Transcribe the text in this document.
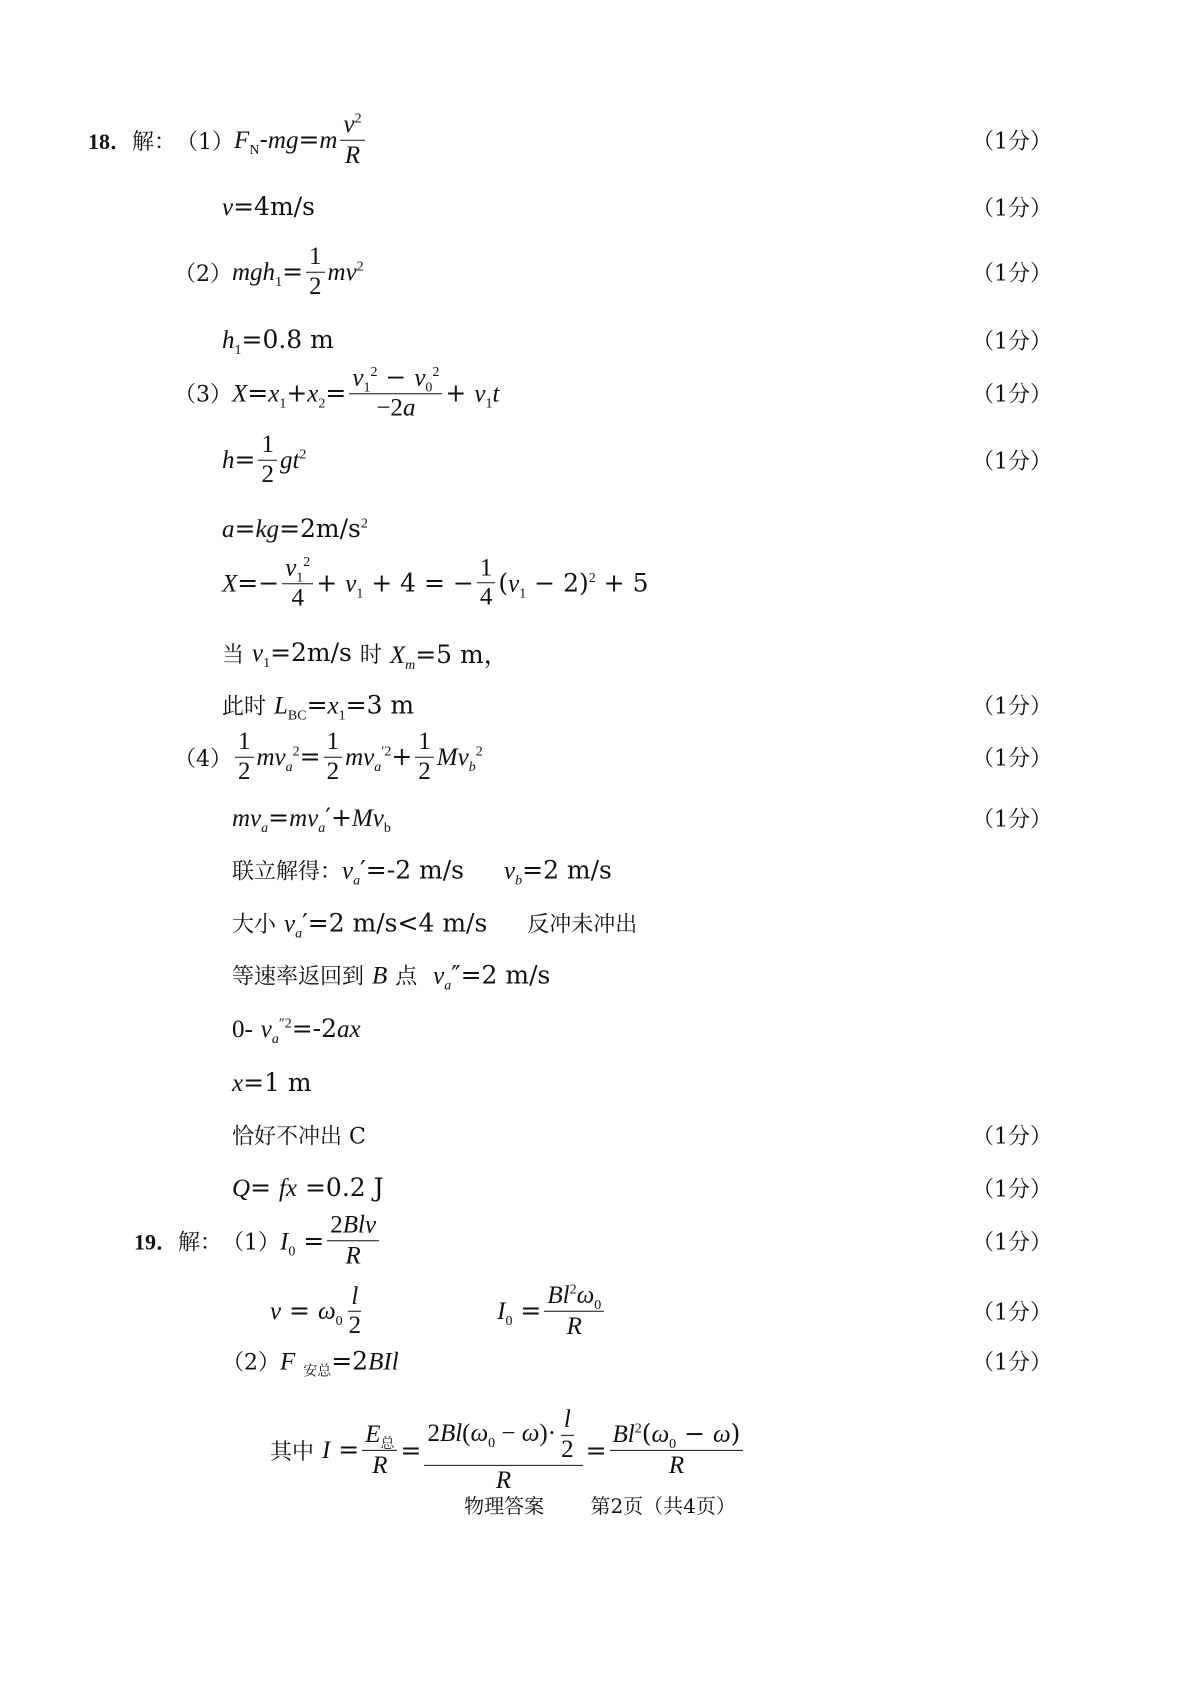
18． 解： （1） $F_N-mg=m \frac{v^2}{R}$	（1分）
v=4m/s	（1分）
（2） $mgh_1= \frac{1}{2} mv^2$	（1分）
$h_1=0.8$ m	（1分）
（3） $X=x_1+x_2= \frac{v_1^2 - v_0^2}{-2a} + v_1t$	（1分）
$h= \frac{1}{2} gt^2$	（1分）
$a=kg=2m/s^2$
$X=- \frac{v_1^2}{4} + v_1 + 4$ = − $\frac{1}{4} (v_1 - 2)^2 + 5$
当 $v_1=2m/s$ 时 $X_m=5$ m，
此时 $L_{BC}=x_1=3$ m	（1分）
$(4) \frac{1}{2} mv_a^2= \frac{1}{2} mv_a^{'2}+ \frac{1}{2} Mv_b^2$	（1分）
$mv_a=mv_a'+Mv_b$	（1分）
联立解得： $v_a'=-2$ m/s $v_b=2$ m/s
大小 $v_a'=2$ m/s<4 m/s	反冲未冲出
等速率返回到 B 点 $v_a''=2$ m/s
0- $v_a^{''2}=-2ax$
x=1 m
恰好不冲出 C	（1分）
Q= fx =0.2 J	（1分）
19． 解： （1） $I_0 = \frac{\text{2Blv}}{R}$	（1分）
$v = \omega_0 \frac{l}{2}$	$I_0 = \frac{Bl^2\omega_0}{R}$	（1分）
（2） F $_{安总}$=2BIl	（1分）
其中 $I = \frac{E_总}{R} = \frac{2Bl(\omega_0 - \omega)\cdot \frac{l}{2}}{R} = \frac{Bl^2(\omega_0 - \omega)}{R}$
物理答案 第2页（共4页）
